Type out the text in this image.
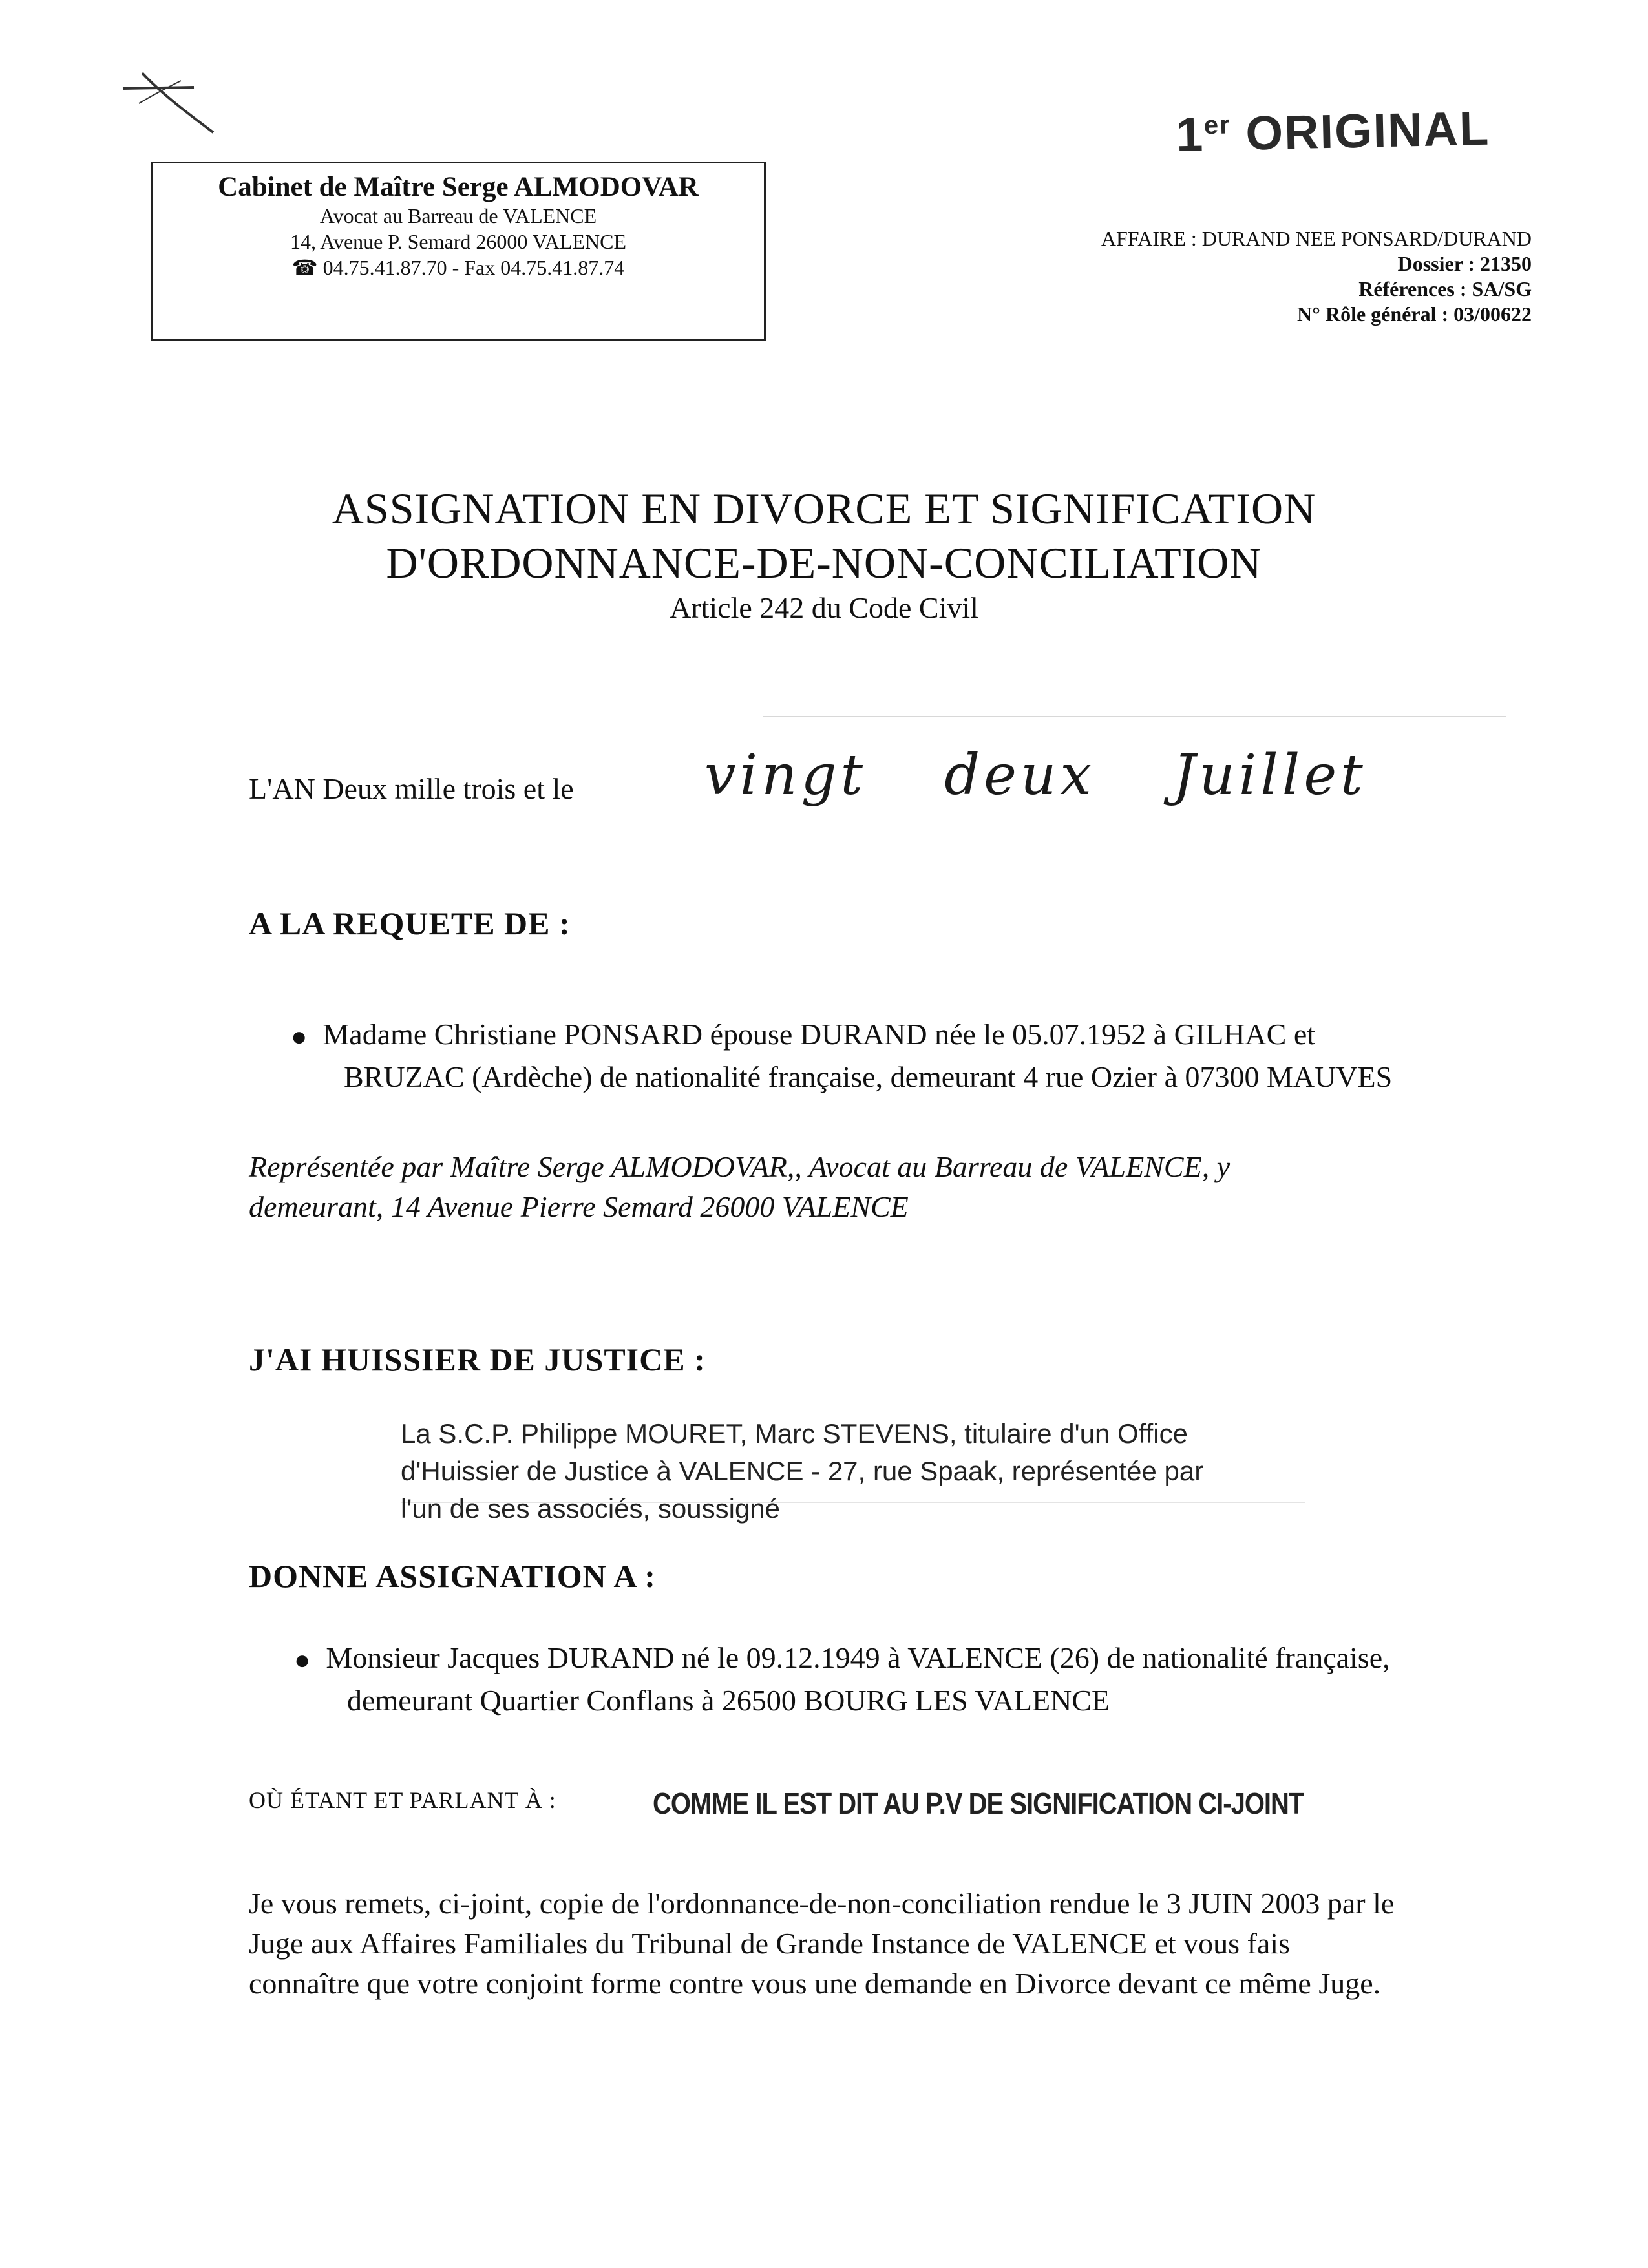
Cabinet de Maître Serge ALMODOVAR
Avocat au Barreau de VALENCE
14, Avenue P. Semard 26000 VALENCE
☎ 04.75.41.87.70 - Fax 04.75.41.87.74
1er ORIGINAL
AFFAIRE : DURAND NEE PONSARD/DURAND
Dossier : 21350
Références : SA/SG
N° Rôle général : 03/00622
ASSIGNATION EN DIVORCE ET SIGNIFICATION
D'ORDONNANCE-DE-NON-CONCILIATION
Article 242 du Code Civil
L'AN Deux mille trois et le vingt deux Juillet
A LA REQUETE DE :
● Madame Christiane PONSARD épouse DURAND née le 05.07.1952 à GILHAC et
BRUZAC (Ardèche) de nationalité française, demeurant 4 rue Ozier à 07300 MAUVES
Représentée par Maître Serge ALMODOVAR,, Avocat au Barreau de VALENCE, y
demeurant, 14 Avenue Pierre Semard 26000 VALENCE
J'AI HUISSIER DE JUSTICE :
La S.C.P. Philippe MOURET, Marc STEVENS, titulaire d'un Office
d'Huissier de Justice à VALENCE - 27, rue Spaak, représentée par
l'un de ses associés, soussigné
DONNE ASSIGNATION A :
● Monsieur Jacques DURAND né le 09.12.1949 à VALENCE (26) de nationalité française,
demeurant Quartier Conflans à 26500 BOURG LES VALENCE
OÙ ÉTANT ET PARLANT À :	COMME IL EST DIT AU P.V DE SIGNIFICATION CI-JOINT
Je vous remets, ci-joint, copie de l'ordonnance-de-non-conciliation rendue le 3 JUIN 2003 par le
Juge aux Affaires Familiales du Tribunal de Grande Instance de VALENCE et vous fais
connaître que votre conjoint forme contre vous une demande en Divorce devant ce même Juge.
